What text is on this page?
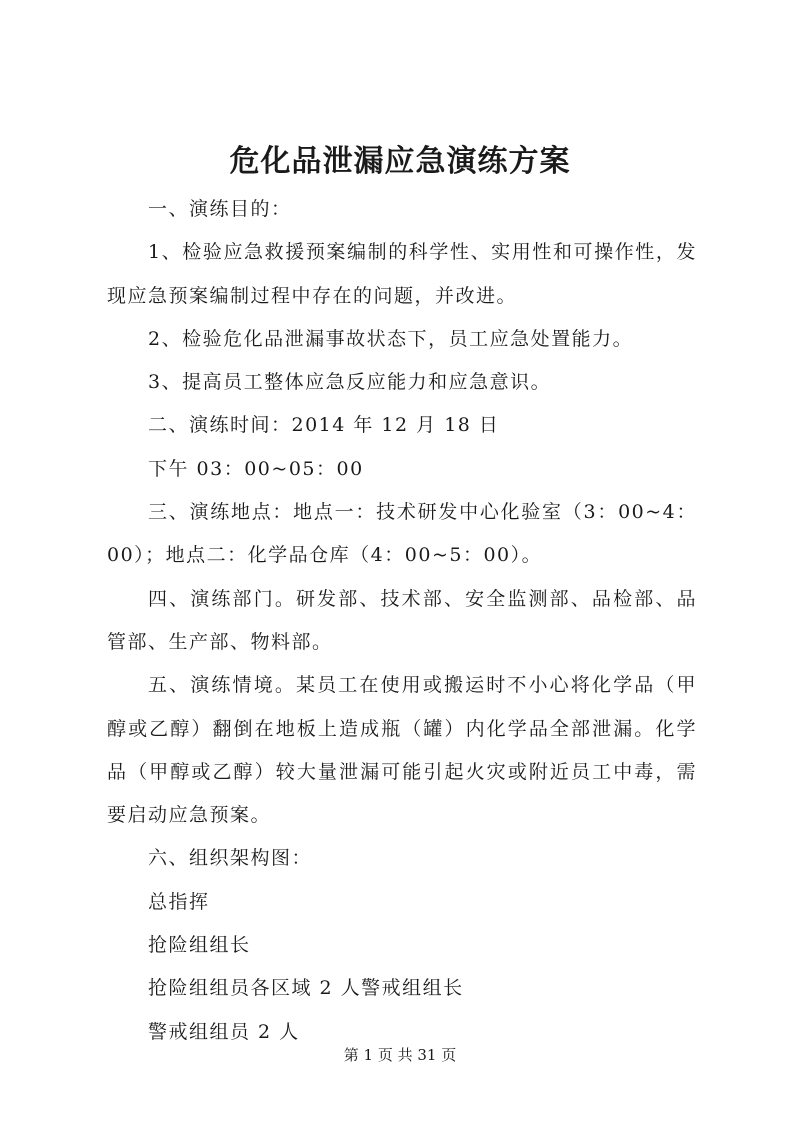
危化品泄漏应急演练方案

一、演练目的：

1、检验应急救援预案编制的科学性、实用性和可操作性，发现应急预案编制过程中存在的问题，并改进。

2、检验危化品泄漏事故状态下，员工应急处置能力。

3、提高员工整体应急反应能力和应急意识。

二、演练时间：2014 年 12 月 18 日

下午 03：00~05：00

三、演练地点：地点一：技术研发中心化验室（3：00~4：00）；地点二：化学品仓库（4：00~5：00）。

四、演练部门。研发部、技术部、安全监测部、品检部、品管部、生产部、物料部。

五、演练情境。某员工在使用或搬运时不小心将化学品（甲醇或乙醇）翻倒在地板上造成瓶（罐）内化学品全部泄漏。化学品（甲醇或乙醇）较大量泄漏可能引起火灾或附近员工中毒，需要启动应急预案。

六、组织架构图：

总指挥

抢险组组长

抢险组组员各区域 2 人警戒组组长

警戒组组员 2 人

第 1 页 共 31 页
